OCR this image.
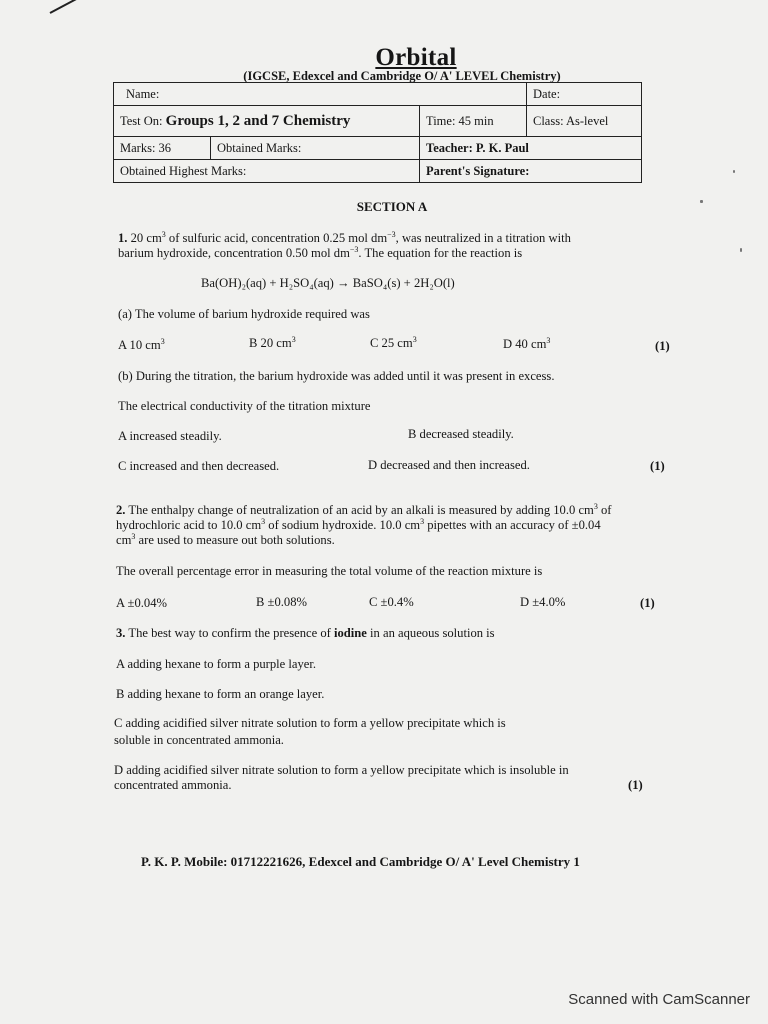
Orbital
(IGCSE, Edexcel and Cambridge O/ A' LEVEL Chemistry)
Name:			Date:
Test On: Groups 1, 2 and 7 Chemistry		Time: 45 min	Class: As-level
Marks: 36	Obtained Marks:	Teacher: P. K. Paul	
Obtained Highest Marks:		Parent's Signature:	
SECTION A
1. 20 $cm^3$ of sulfuric acid, concentration 0.25 mol $dm^{-3}$, was neutralized in a titration with
barium hydroxide, concentration 0.50 mol $dm^{-3}$. The equation for the reaction is
Ba(OH)₂(aq) + H₂SO₄(aq) → BaSO₄(s) + 2H₂O(l)
(a) The volume of barium hydroxide required was
A 10 $cm^3$	B 20 $cm^3$	C 25 $cm^3$	D 40 $cm^3$	(1)
(b) During the titration, the barium hydroxide was added until it was present in excess.
The electrical conductivity of the titration mixture
A increased steadily.	B decreased steadily.
C increased and then decreased.	D decreased and then increased.	(1)
2. The enthalpy change of neutralization of an acid by an alkali is measured by adding 10.0 $cm^3$ of
hydrochloric acid to 10.0 $cm^3$ of sodium hydroxide. 10.0 $cm^3$ pipettes with an accuracy of ±0.04
$cm^3$ are used to measure out both solutions.
The overall percentage error in measuring the total volume of the reaction mixture is
A ±0.04%	B ±0.08%	C ±0.4%	D ±4.0%	(1)
3. The best way to confirm the presence of iodine in an aqueous solution is
A adding hexane to form a purple layer.
B adding hexane to form an orange layer.
C adding acidified silver nitrate solution to form a yellow precipitate which is
soluble in concentrated ammonia.
D adding acidified silver nitrate solution to form a yellow precipitate which is insoluble in
concentrated ammonia.	(1)
P. K. P. Mobile: 01712221626, Edexcel and Cambridge O/ A' Level Chemistry 1
Scanned with CamScanner
